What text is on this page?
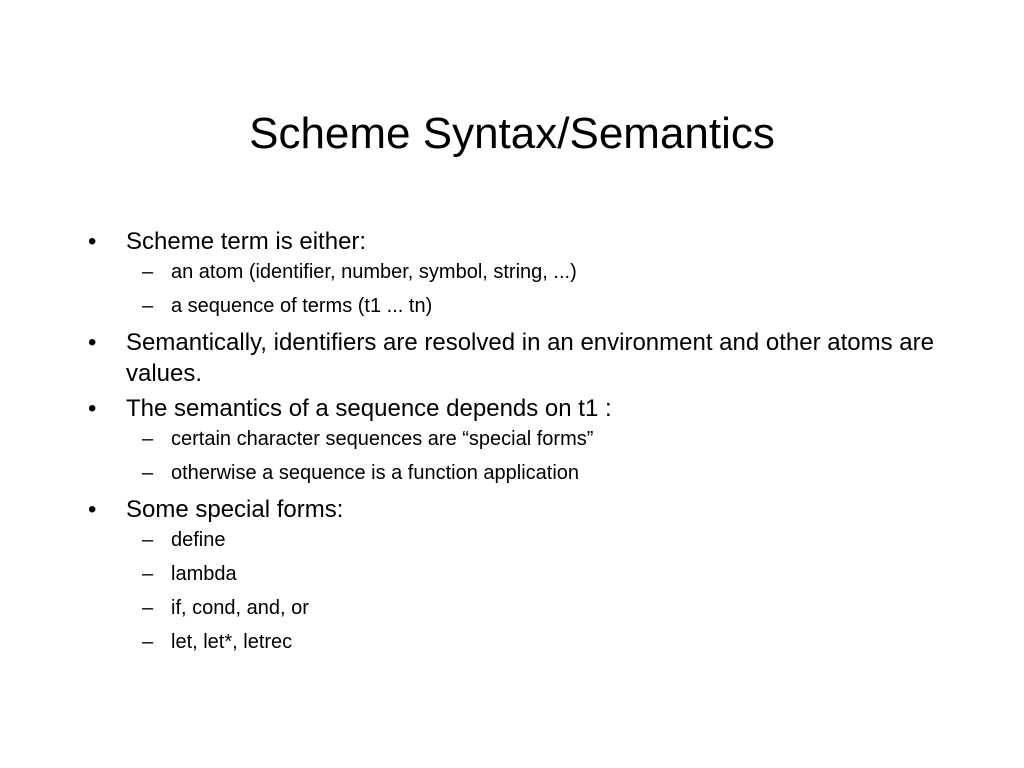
Scheme Syntax/Semantics
•	Scheme term is either:
– an atom (identifier, number, symbol, string, ...)
– a sequence of terms (t1 ... tn)
•	Semantically, identifiers are resolved in an environment and other atoms are values.
•	The semantics of a sequence depends on t1 :
– certain character sequences are “special forms”
– otherwise a sequence is a function application
•	Some special forms:
– define
– lambda
– if, cond, and, or
– let, let*, letrec
